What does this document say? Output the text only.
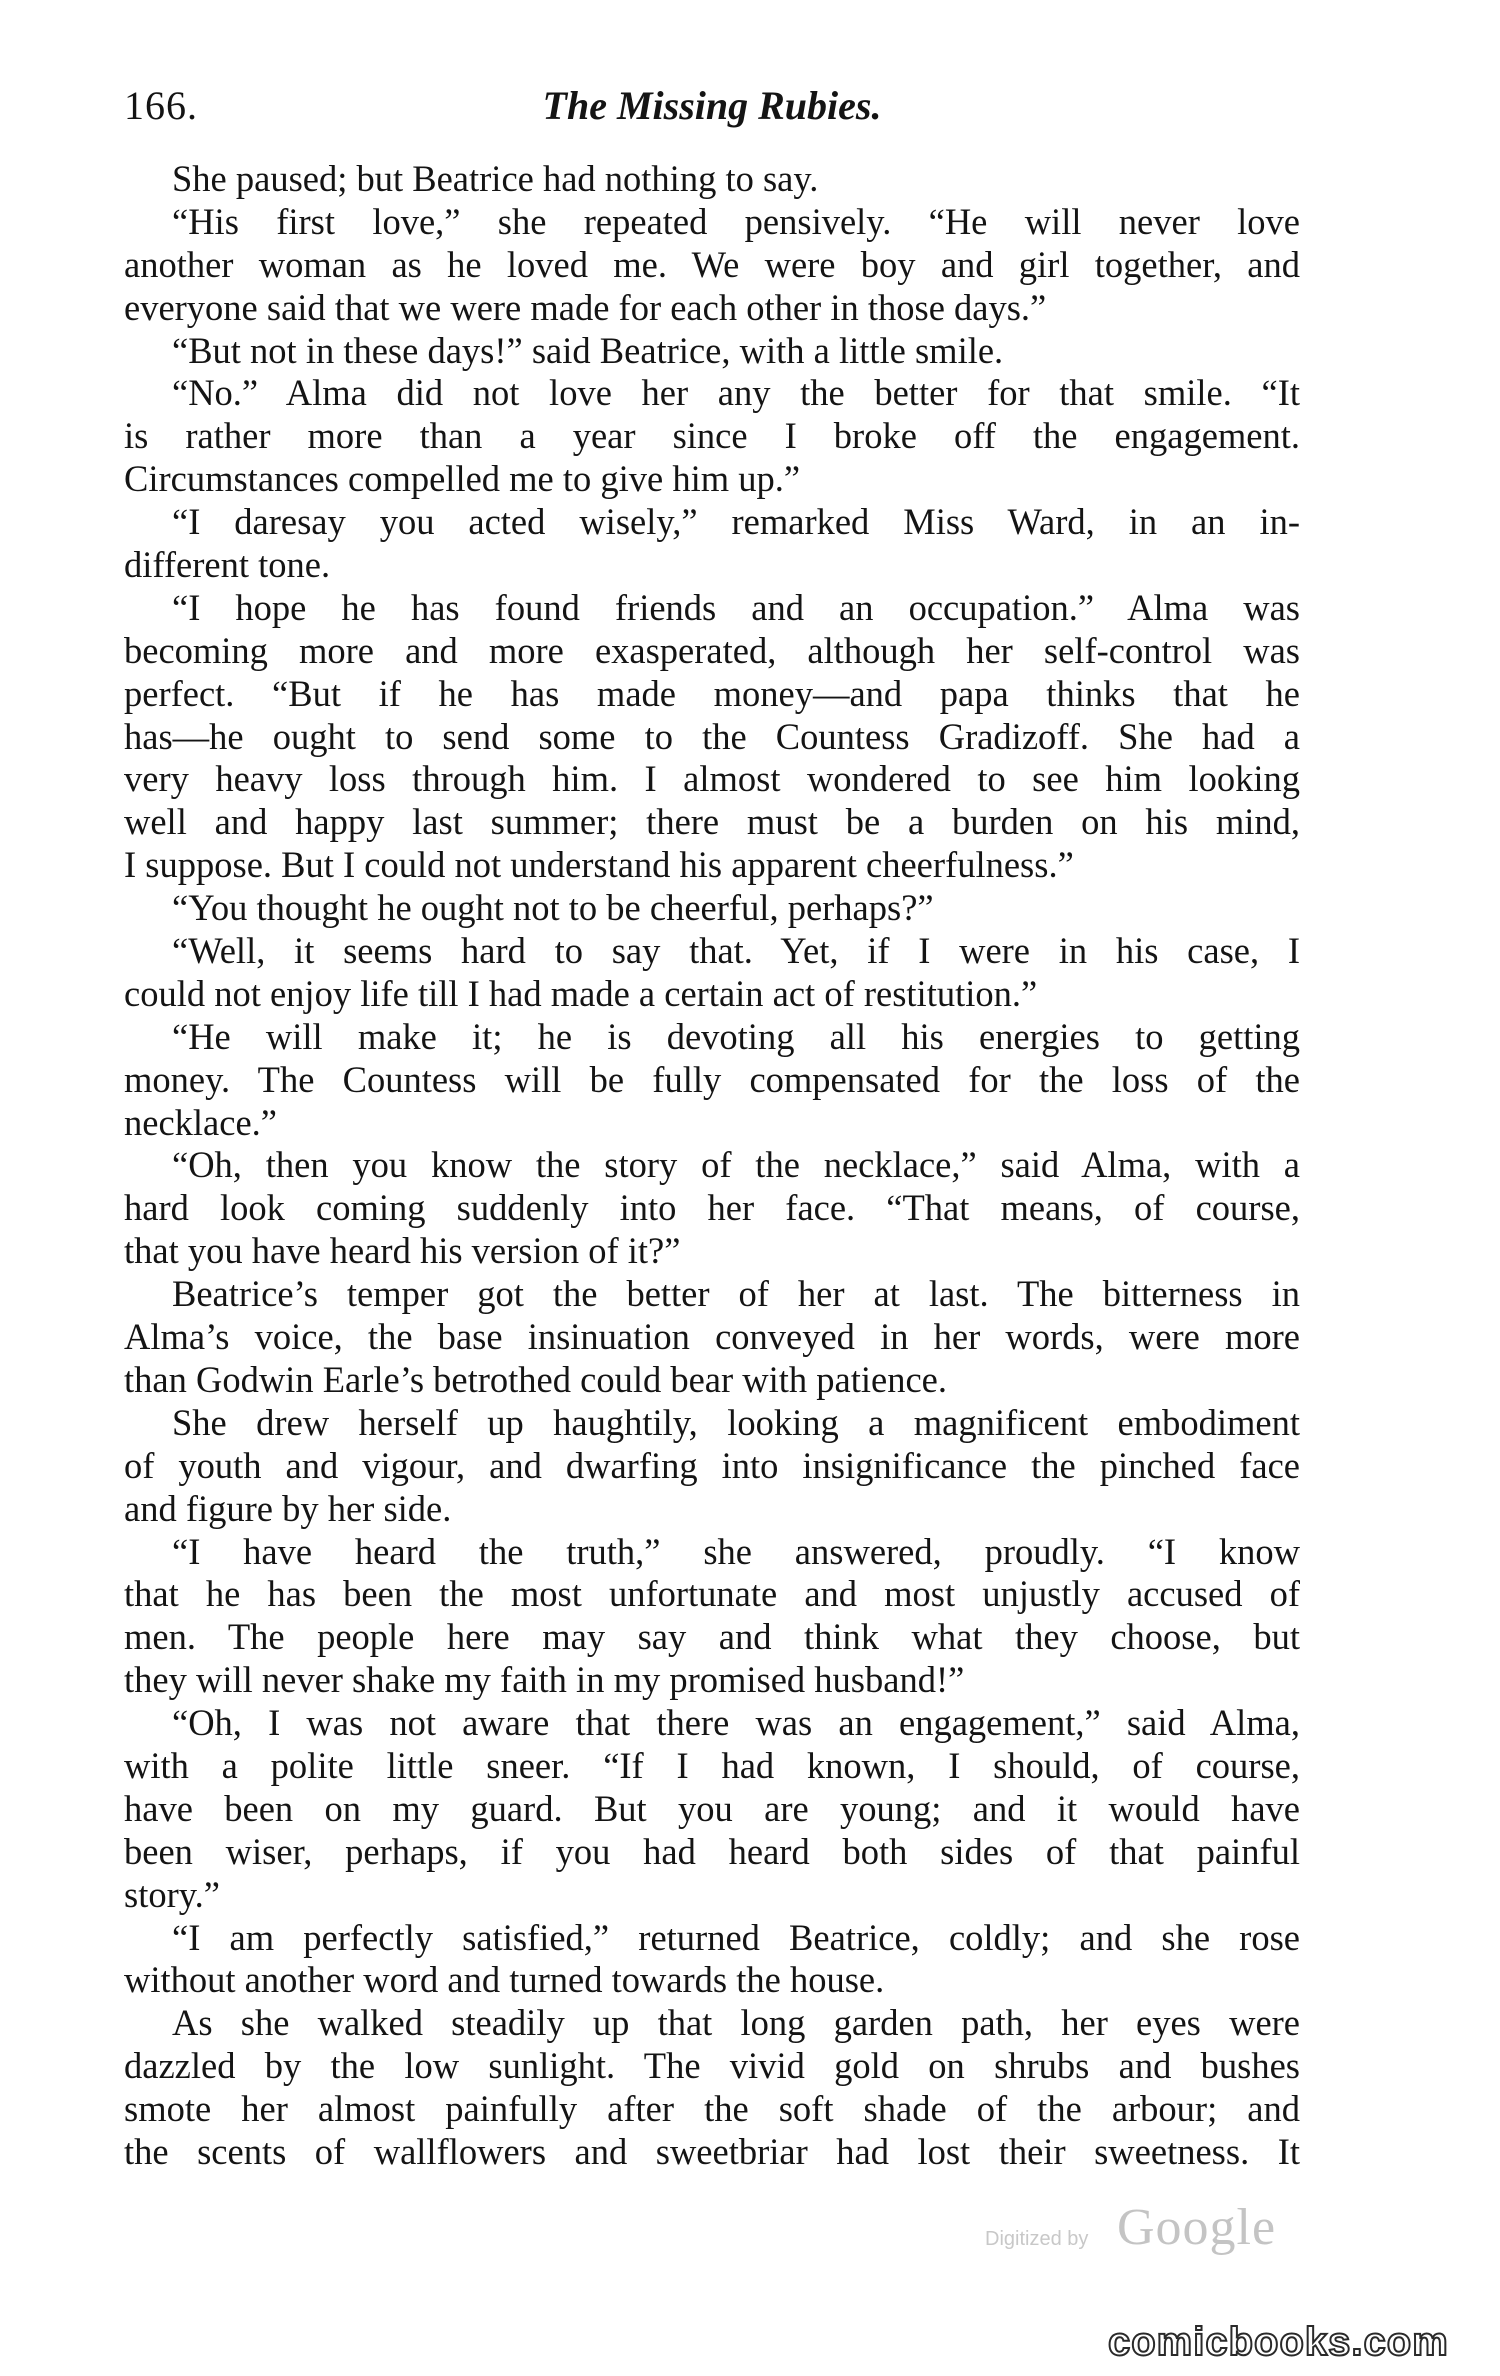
166.	The Missing Rubies.
She paused; but Beatrice had nothing to say.
“His first love,” she repeated pensively. “He will never love
another woman as he loved me. We were boy and girl together, and
everyone said that we were made for each other in those days.”
“But not in these days!” said Beatrice, with a little smile.
“No.” Alma did not love her any the better for that smile. “It
is rather more than a year since I broke off the engagement.
Circumstances compelled me to give him up.”
“I daresay you acted wisely,” remarked Miss Ward, in an in-
different tone.
“I hope he has found friends and an occupation.” Alma was
becoming more and more exasperated, although her self-control was
perfect. “But if he has made money—and papa thinks that he
has—he ought to send some to the Countess Gradizoff. She had a
very heavy loss through him. I almost wondered to see him looking
well and happy last summer; there must be a burden on his mind,
I suppose. But I could not understand his apparent cheerfulness.”
“You thought he ought not to be cheerful, perhaps?”
“Well, it seems hard to say that. Yet, if I were in his case, I
could not enjoy life till I had made a certain act of restitution.”
“He will make it; he is devoting all his energies to getting
money. The Countess will be fully compensated for the loss of the
necklace.”
“Oh, then you know the story of the necklace,” said Alma, with a
hard look coming suddenly into her face. “That means, of course,
that you have heard his version of it?”
Beatrice’s temper got the better of her at last. The bitterness in
Alma’s voice, the base insinuation conveyed in her words, were more
than Godwin Earle’s betrothed could bear with patience.
She drew herself up haughtily, looking a magnificent embodiment
of youth and vigour, and dwarfing into insignificance the pinched face
and figure by her side.
“I have heard the truth,” she answered, proudly. “I know
that he has been the most unfortunate and most unjustly accused of
men. The people here may say and think what they choose, but
they will never shake my faith in my promised husband!”
“Oh, I was not aware that there was an engagement,” said Alma,
with a polite little sneer. “If I had known, I should, of course,
have been on my guard. But you are young; and it would have
been wiser, perhaps, if you had heard both sides of that painful
story.”
“I am perfectly satisfied,” returned Beatrice, coldly; and she rose
without another word and turned towards the house.
As she walked steadily up that long garden path, her eyes were
dazzled by the low sunlight. The vivid gold on shrubs and bushes
smote her almost painfully after the soft shade of the arbour; and
the scents of wallflowers and sweetbriar had lost their sweetness. It
Digitized by Google
comicbooks.com
